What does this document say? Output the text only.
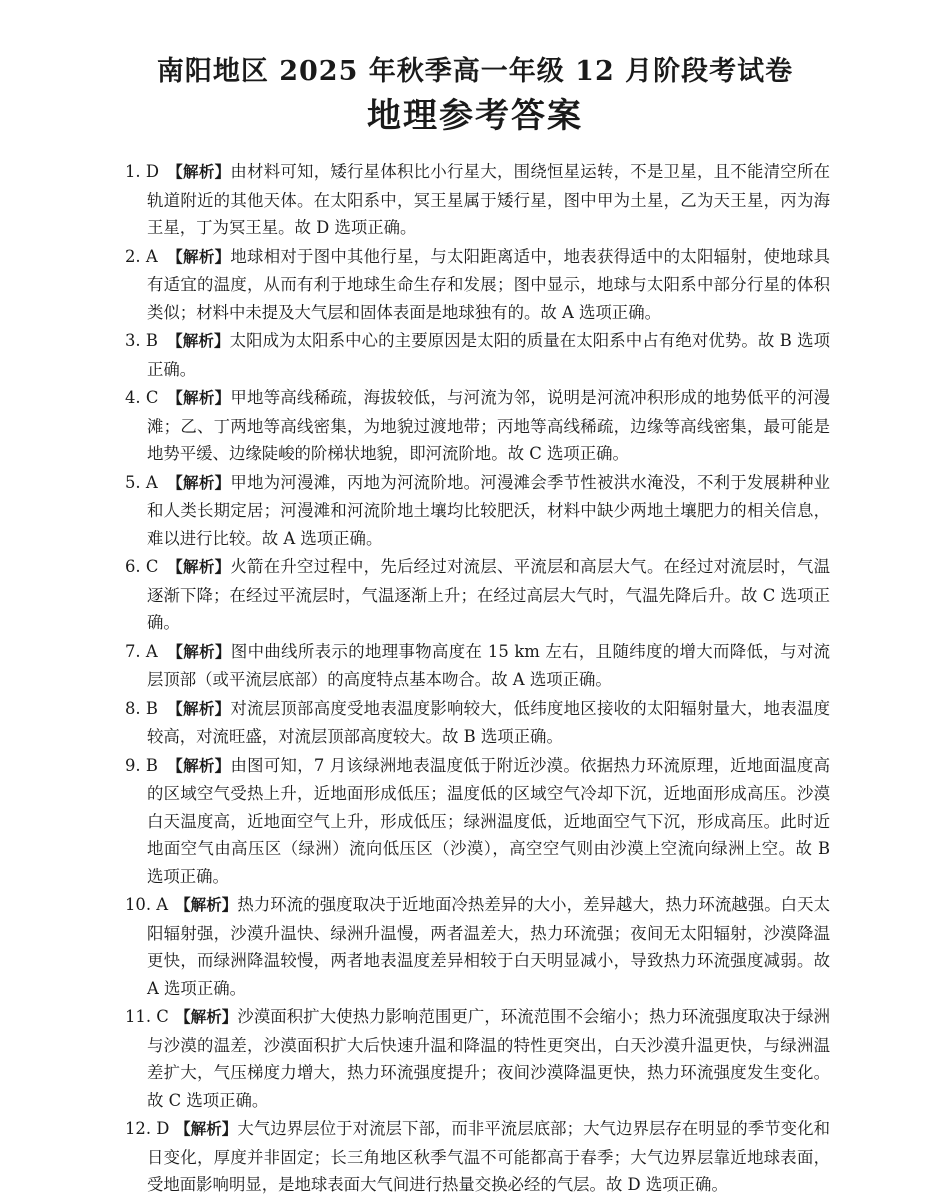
南阳地区 2025 年秋季高一年级 12 月阶段考试卷
地理参考答案
1. D 【解析】由材料可知，矮行星体积比小行星大，围绕恒星运转，不是卫星，且不能清空所在轨道附近的其他天体。在太阳系中，冥王星属于矮行星，图中甲为土星，乙为天王星，丙为海王星，丁为冥王星。故 D 选项正确。
2. A 【解析】地球相对于图中其他行星，与太阳距离适中，地表获得适中的太阳辐射，使地球具有适宜的温度，从而有利于地球生命生存和发展；图中显示，地球与太阳系中部分行星的体积类似；材料中未提及大气层和固体表面是地球独有的。故 A 选项正确。
3. B 【解析】太阳成为太阳系中心的主要原因是太阳的质量在太阳系中占有绝对优势。故 B 选项正确。
4. C 【解析】甲地等高线稀疏，海拔较低，与河流为邻，说明是河流冲积形成的地势低平的河漫滩；乙、丁两地等高线密集，为地貌过渡地带；丙地等高线稀疏，边缘等高线密集，最可能是地势平缓、边缘陡峻的阶梯状地貌，即河流阶地。故 C 选项正确。
5. A 【解析】甲地为河漫滩，丙地为河流阶地。河漫滩会季节性被洪水淹没，不利于发展耕种业和人类长期定居；河漫滩和河流阶地土壤均比较肥沃，材料中缺少两地土壤肥力的相关信息，难以进行比较。故 A 选项正确。
6. C 【解析】火箭在升空过程中，先后经过对流层、平流层和高层大气。在经过对流层时，气温逐渐下降；在经过平流层时，气温逐渐上升；在经过高层大气时，气温先降后升。故 C 选项正确。
7. A 【解析】图中曲线所表示的地理事物高度在 15 km 左右，且随纬度的增大而降低，与对流层顶部（或平流层底部）的高度特点基本吻合。故 A 选项正确。
8. B 【解析】对流层顶部高度受地表温度影响较大，低纬度地区接收的太阳辐射量大，地表温度较高，对流旺盛，对流层顶部高度较大。故 B 选项正确。
9. B 【解析】由图可知，7 月该绿洲地表温度低于附近沙漠。依据热力环流原理，近地面温度高的区域空气受热上升，近地面形成低压；温度低的区域空气冷却下沉，近地面形成高压。沙漠白天温度高，近地面空气上升，形成低压；绿洲温度低，近地面空气下沉，形成高压。此时近地面空气由高压区（绿洲）流向低压区（沙漠），高空空气则由沙漠上空流向绿洲上空。故 B 选项正确。
10. A 【解析】热力环流的强度取决于近地面冷热差异的大小，差异越大，热力环流越强。白天太阳辐射强，沙漠升温快、绿洲升温慢，两者温差大，热力环流强；夜间无太阳辐射，沙漠降温更快，而绿洲降温较慢，两者地表温度差异相较于白天明显减小，导致热力环流强度减弱。故 A 选项正确。
11. C 【解析】沙漠面积扩大使热力影响范围更广，环流范围不会缩小；热力环流强度取决于绿洲与沙漠的温差，沙漠面积扩大后快速升温和降温的特性更突出，白天沙漠升温更快，与绿洲温差扩大，气压梯度力增大，热力环流强度提升；夜间沙漠降温更快，热力环流强度发生变化。故 C 选项正确。
12. D 【解析】大气边界层位于对流层下部，而非平流层底部；大气边界层存在明显的季节变化和日变化，厚度并非固定；长三角地区秋季气温不可能都高于春季；大气边界层靠近地球表面，受地面影响明显，是地球表面大气间进行热量交换必经的气层。故 D 选项正确。
